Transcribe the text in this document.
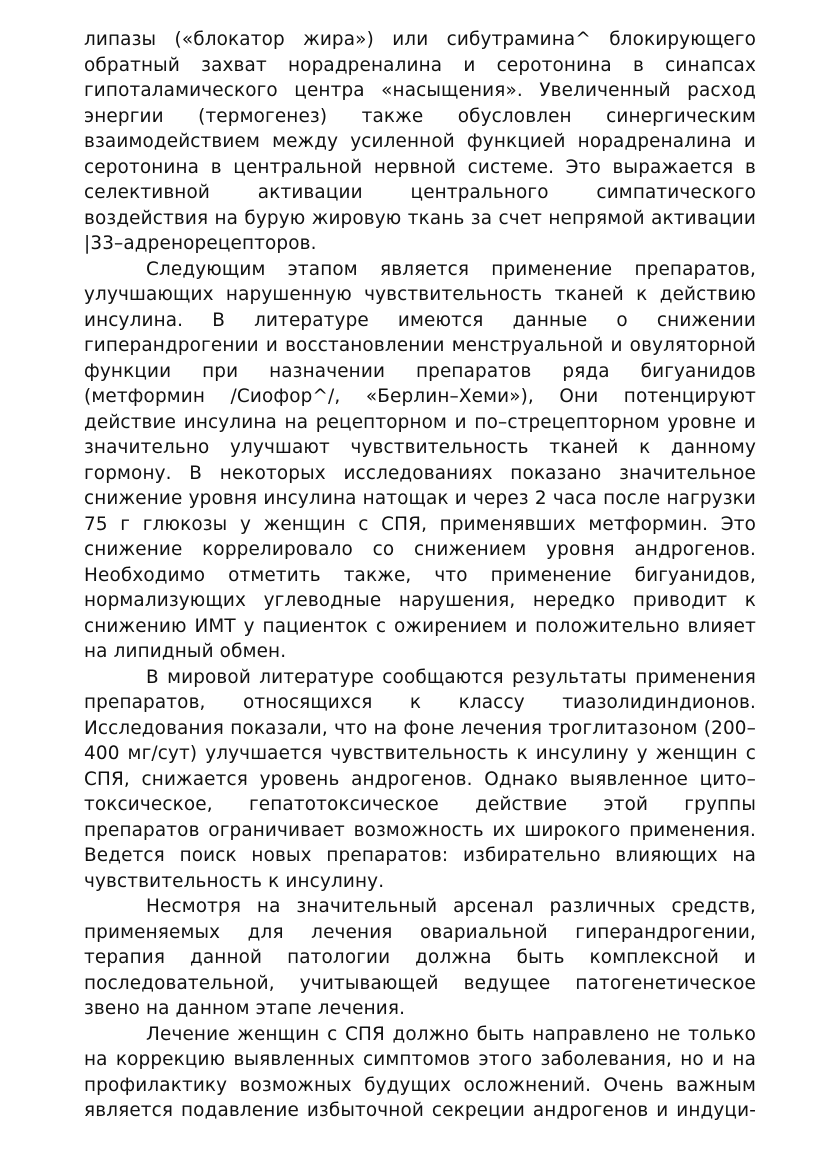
липазы («блокатор жира») или сибутрамина^ блокирующего обратный захват норадреналина и серотонина в синапсах гипоталамического центра «насыщения». Увеличенный расход энергии (термогенез) также обусловлен синергическим взаимодействием между усиленной функцией норадреналина и серотонина в центральной нервной системе. Это выражается в селективной активации центрального симпатического воздействия на бурую жировую ткань за счет непрямой активации |33–адренорецепторов.

Следующим этапом является применение препаратов, улучшающих нарушенную чувствительность тканей к действию инсулина. В литературе имеются данные о снижении гиперандрогении и восстановлении менструальной и овуляторной функции при назначении препаратов ряда бигуанидов (метформин /Сиофор^/, «Берлин–Хеми»), Они потенцируют действие инсулина на рецепторном и по–стрецепторном уровне и значительно улучшают чувствительность тканей к данному гормону. В некоторых исследованиях показано значительное снижение уровня инсулина натощак и через 2 часа после нагрузки 75 г глюкозы у женщин с СПЯ, применявших метформин. Это снижение коррелировало со снижением уровня андрогенов. Необходимо отметить также, что применение бигуанидов, нормализующих углеводные нарушения, нередко приводит к снижению ИМТ у пациенток с ожирением и положительно влияет на липидный обмен.

В мировой литературе сообщаются результаты применения препаратов, относящихся к классу тиазолидиндионов. Исследования показали, что на фоне лечения троглитазоном (200–400 мг/сут) улучшается чувствительность к инсулину у женщин с СПЯ, снижается уровень андрогенов. Однако выявленное цито–токсическое, гепатотоксическое действие этой группы препаратов ограничивает возможность их широкого применения. Ведется поиск новых препаратов: избирательно влияющих на чувствительность к инсулину.

Несмотря на значительный арсенал различных средств, применяемых для лечения овариальной гиперандрогении, терапия данной патологии должна быть комплексной и последовательной, учитывающей ведущее патогенетическое звено на данном этапе лечения.

Лечение женщин с СПЯ должно быть направлено не только на коррекцию выявленных симптомов этого заболевания, но и на профилактику возможных будущих осложнений. Очень важным является подавление избыточной секреции андрогенов и индуци-
